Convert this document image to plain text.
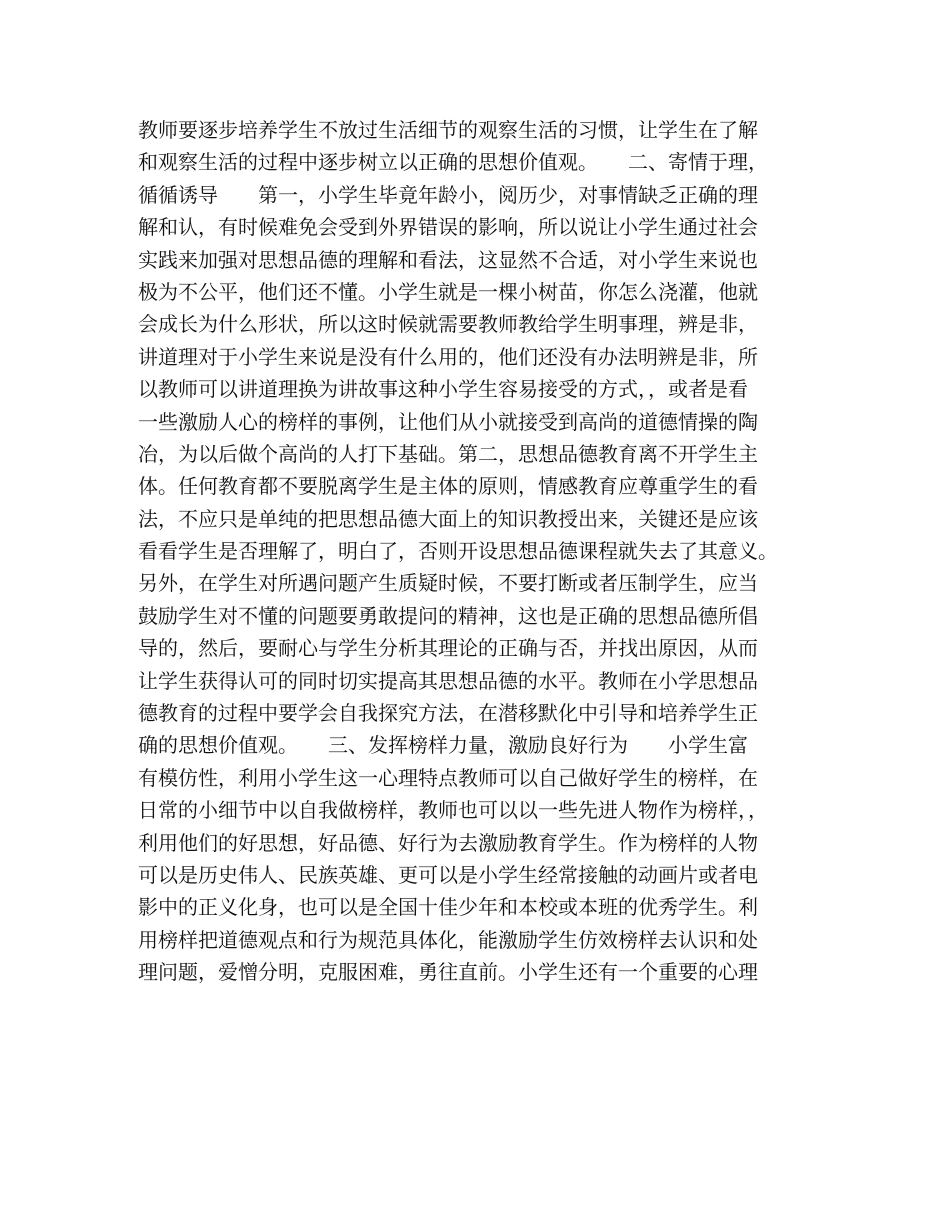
教师要逐步培养学生不放过生活细节的观察生活的习惯，让学生在了解
和观察生活的过程中逐步树立以正确的思想价值观。　　二、寄情于理，
循循诱导　　第一，小学生毕竟年龄小，阅历少，对事情缺乏正确的理
解和认，有时候难免会受到外界错误的影响，所以说让小学生通过社会
实践来加强对思想品德的理解和看法，这显然不合适，对小学生来说也
极为不公平，他们还不懂。小学生就是一棵小树苗，你怎么浇灌，他就
会成长为什么形状，所以这时候就需要教师教给学生明事理，辨是非，
讲道理对于小学生来说是没有什么用的，他们还没有办法明辨是非，所
以教师可以讲道理换为讲故事这种小学生容易接受的方式，，或者是看
一些激励人心的榜样的事例，让他们从小就接受到高尚的道德情操的陶
冶，为以后做个高尚的人打下基础。第二，思想品德教育离不开学生主
体。任何教育都不要脱离学生是主体的原则，情感教育应尊重学生的看
法，不应只是单纯的把思想品德大面上的知识教授出来，关键还是应该
看看学生是否理解了，明白了，否则开设思想品德课程就失去了其意义。
另外，在学生对所遇问题产生质疑时候，不要打断或者压制学生，应当
鼓励学生对不懂的问题要勇敢提问的精神，这也是正确的思想品德所倡
导的，然后，要耐心与学生分析其理论的正确与否，并找出原因，从而
让学生获得认可的同时切实提高其思想品德的水平。教师在小学思想品
德教育的过程中要学会自我探究方法，在潜移默化中引导和培养学生正
确的思想价值观。　　三、发挥榜样力量，激励良好行为　　小学生富
有模仿性，利用小学生这一心理特点教师可以自己做好学生的榜样，在
日常的小细节中以自我做榜样，教师也可以以一些先进人物作为榜样，，
利用他们的好思想，好品德、好行为去激励教育学生。作为榜样的人物
可以是历史伟人、民族英雄、更可以是小学生经常接触的动画片或者电
影中的正义化身，也可以是全国十佳少年和本校或本班的优秀学生。利
用榜样把道德观点和行为规范具体化，能激励学生仿效榜样去认识和处
理问题，爱憎分明，克服困难，勇往直前。小学生还有一个重要的心理
